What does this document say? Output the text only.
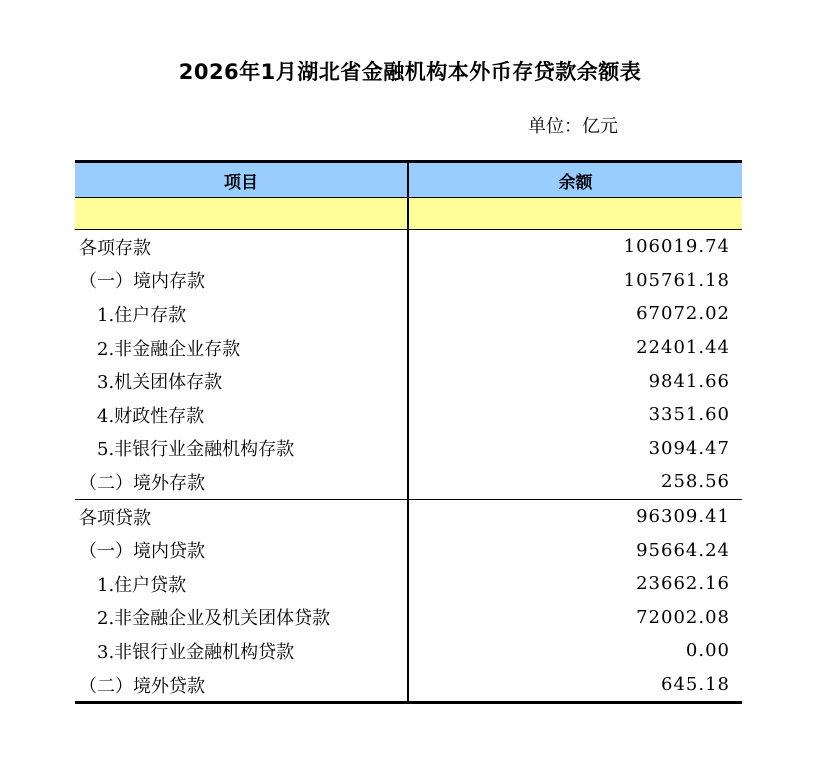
2026年1月湖北省金融机构本外币存贷款余额表
单位：亿元
项目	余额

各项存款	106019.74
（一）境内存款	105761.18
1.住户存款	67072.02
2.非金融企业存款	22401.44
3.机关团体存款	9841.66
4.财政性存款	3351.60
5.非银行业金融机构存款	3094.47
（二）境外存款	258.56
各项贷款	96309.41
（一）境内贷款	95664.24
1.住户贷款	23662.16
2.非金融企业及机关团体贷款	72002.08
3.非银行业金融机构贷款	0.00
（二）境外贷款	645.18
